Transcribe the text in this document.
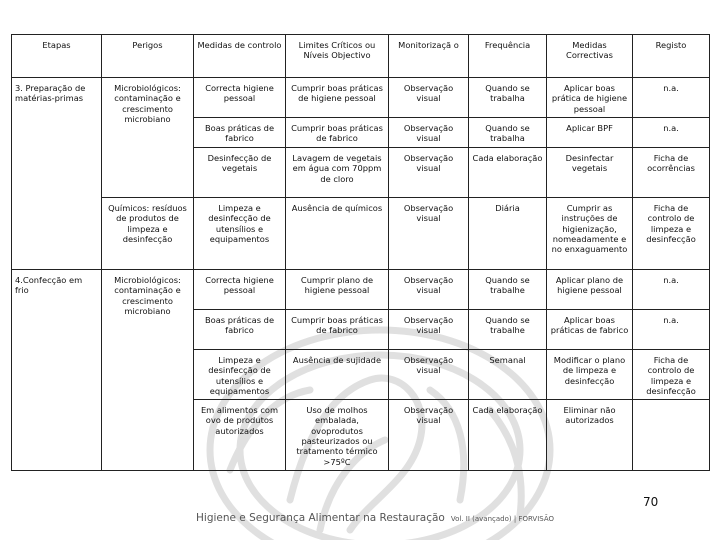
Etapas	Perigos	Medidas de controlo	Limites Críticos ou Níveis Objectivo	Monitorizaçã o	Frequência	Medidas Correctivas	Registo
3. Preparação de matérias-primas	Microbiológicos: contaminação e crescimento microbiano	Correcta higiene pessoal	Cumprir boas práticas de higiene pessoal	Observação visual	Quando se trabalha	Aplicar boas prática de higiene pessoal	n.a.
		Boas práticas de fabrico	Cumprir boas práticas de fabrico	Observação visual	Quando se trabalha	Aplicar BPF	n.a.
		Desinfecção de vegetais	Lavagem de vegetais em água com 70ppm de cloro	Observação visual	Cada elaboração	Desinfectar vegetais	Ficha de ocorrências
	Químicos: resíduos de produtos de limpeza e desinfecção	Limpeza e desinfecção de utensílios e equipamentos	Ausência de químicos	Observação visual	Diária	Cumprir as instruções de higienização, nomeadamente e no enxaguamento	Ficha de controlo de limpeza e desinfecção
4.Confecção em frio	Microbiológicos: contaminação e crescimento microbiano	Correcta higiene pessoal	Cumprir plano de higiene pessoal	Observação visual	Quando se trabalhe	Aplicar plano de higiene pessoal	n.a.
		Boas práticas de fabrico	Cumprir boas práticas de fabrico	Observação visual	Quando se trabalhe	Aplicar boas práticas de fabrico	n.a.
		Limpeza e desinfecção de utensílios e equipamentos	Ausência de sujidade	Observação visual	Semanal	Modificar o plano de limpeza e desinfecção	Ficha de controlo de limpeza e desinfecção
		Em alimentos com ovo de produtos autorizados	Uso de molhos embalada, ovoprodutos pasteurizados ou tratamento térmico >75ºC	Observação visual	Cada elaboração	Eliminar não autorizados	
70
Higiene e Segurança Alimentar na Restauração Vol. II (avançado) | FORVISÃO
